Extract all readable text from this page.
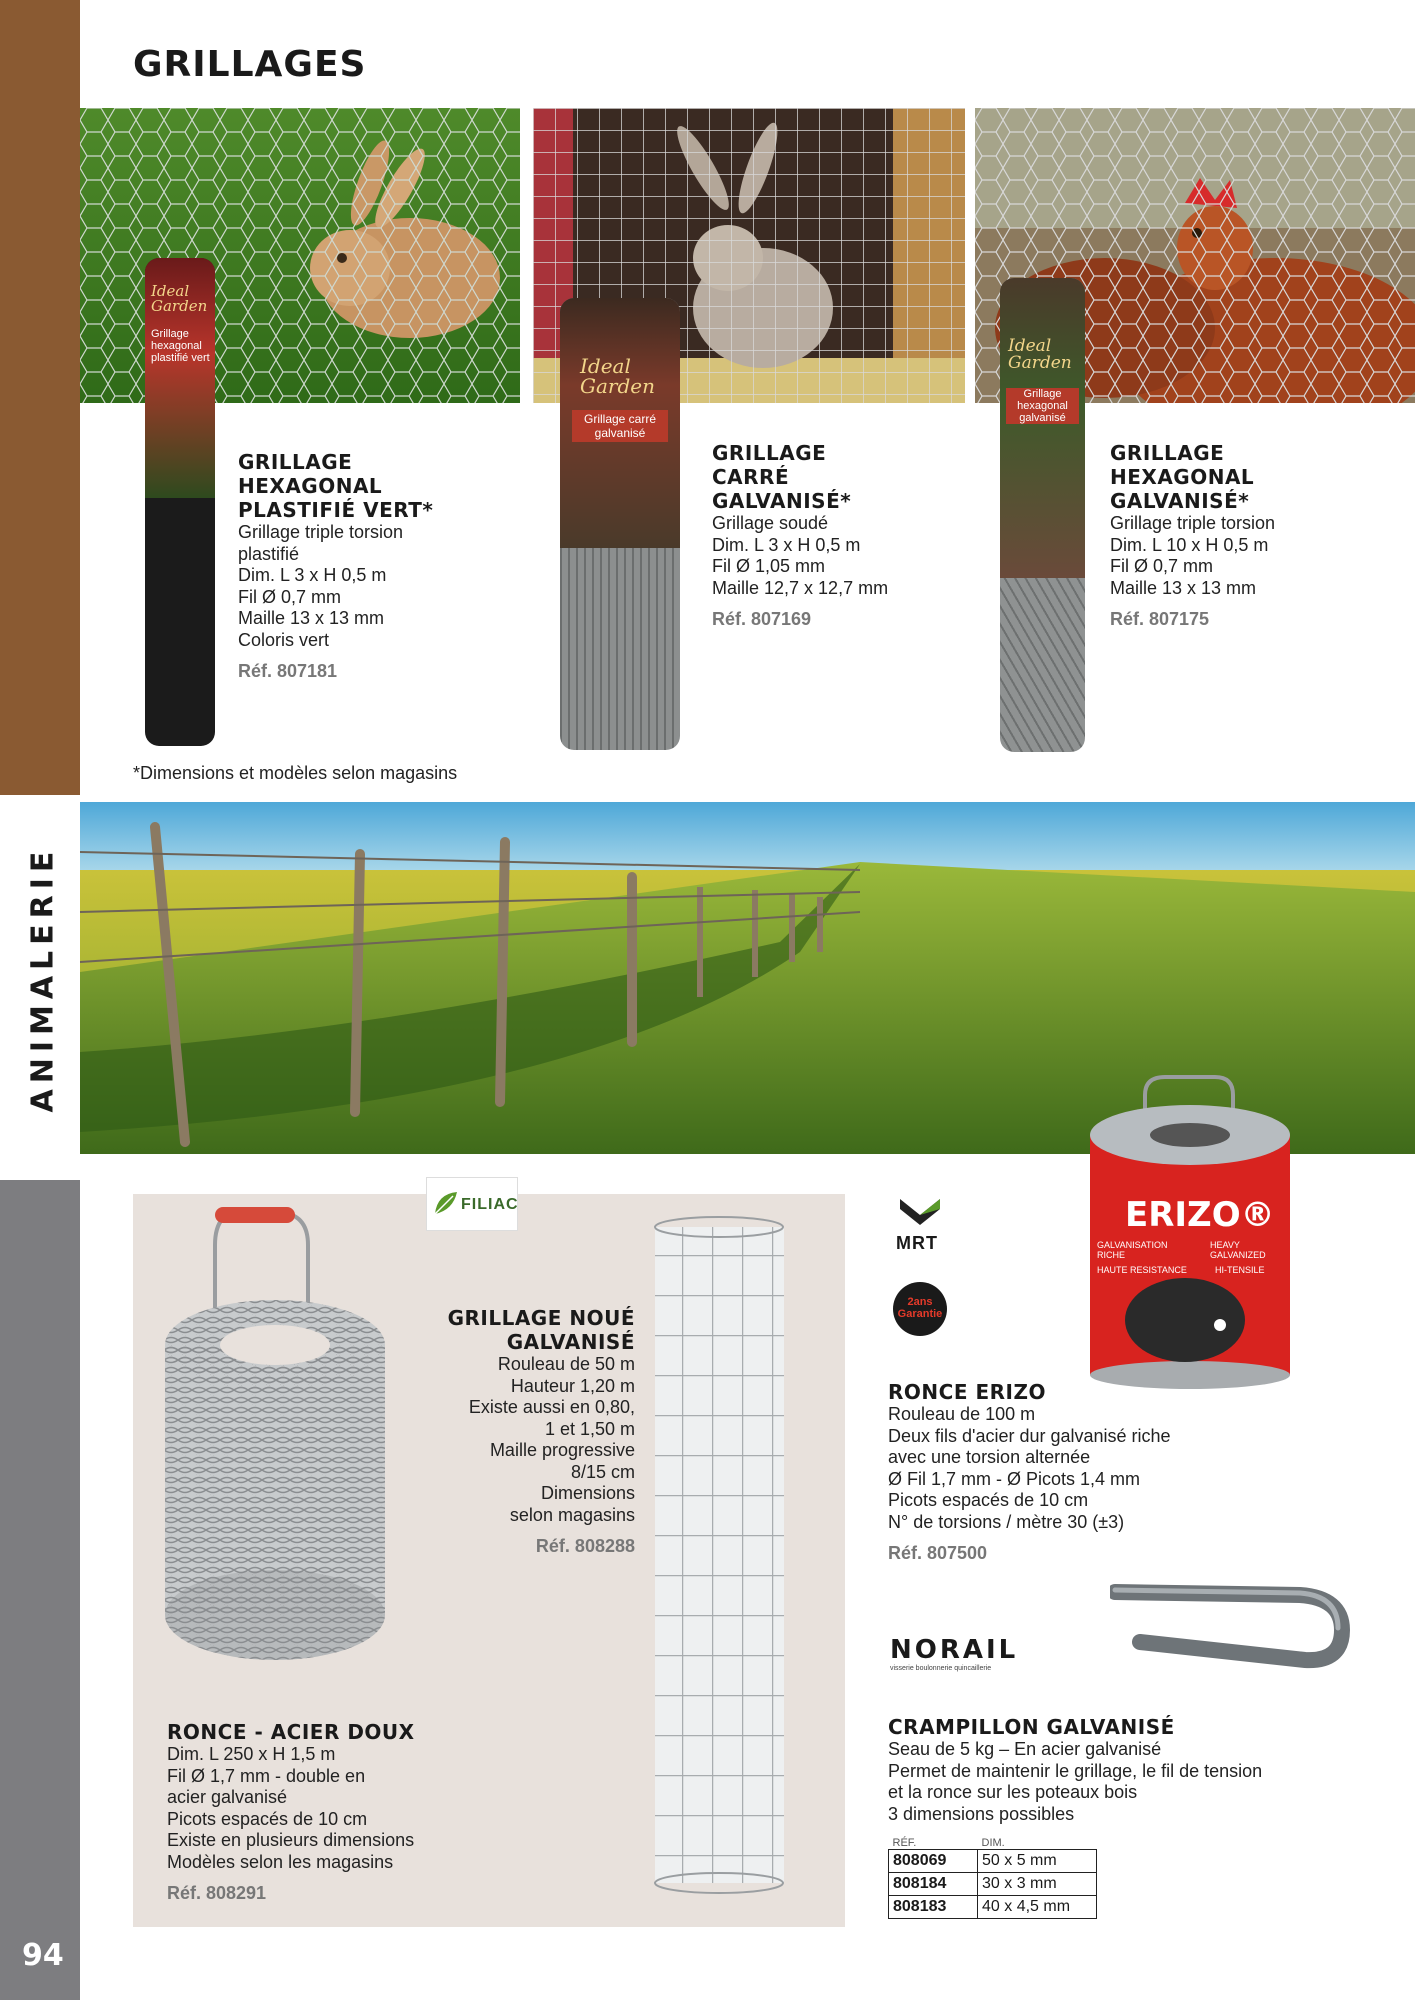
ANIMALERIE
94
GRILLAGES
Ideal
Garden
Grillage
hexagonal
plastifié vert	Ideal
Garden
Grillage carré
galvanisé
Ideal
Garden
Grillage
hexagonal
galvanisé
GRILLAGE
HEXAGONAL
PLASTIFIÉ VERT*
Grillage triple torsion
plastifié
Dim. L 3 x H 0,5 m
Fil Ø 0,7 mm
Maille 13 x 13 mm
Coloris vert
Réf. 807181
GRILLAGE
CARRÉ
GALVANISÉ*
Grillage soudé
Dim. L 3 x H 0,5 m
Fil Ø 1,05 mm
Maille 12,7 x 12,7 mm
Réf. 807169
GRILLAGE
HEXAGONAL
GALVANISÉ*
Grillage triple torsion
Dim. L 10 x H 0,5 m
Fil Ø 0,7 mm
Maille 13 x 13 mm
Réf. 807175
*Dimensions et modèles selon magasins
FILIAC
GRILLAGE NOUÉ
GALVANISÉ
Rouleau de 50 m
Hauteur 1,20 m
Existe aussi en 0,80,
1 et 1,50 m
Maille progressive
8/15 cm
Dimensions
selon magasins
Réf. 808288
RONCE - ACIER DOUX
Dim. L 250 x H 1,5 m
Fil Ø 1,7 mm - double en
acier galvanisé
Picots espacés de 10 cm
Existe en plusieurs dimensions
Modèles selon les magasins
Réf. 808291
MRT
2ans Garantie
ERIZO®
GALVANISATION RICHE
HEAVY GALVANIZED
HAUTE RESISTANCE	HI-TENSILE
RONCE ERIZO
Rouleau de 100 m
Deux fils d'acier dur galvanisé riche
avec une torsion alternée
Ø Fil 1,7 mm - Ø Picots 1,4 mm
Picots espacés de 10 cm
N° de torsions / mètre 30 (±3)
Réf. 807500
NORAIL
visserie boulonnerie quincaillerie
CRAMPILLON GALVANISÉ
Seau de 5 kg – En acier galvanisé
Permet de maintenir le grillage, le fil de tension
et la ronce sur les poteaux bois
3 dimensions possibles
RÉF.	DIM.
808069	50 x 5 mm
808184	30 x 3 mm
808183	40 x 4,5 mm
